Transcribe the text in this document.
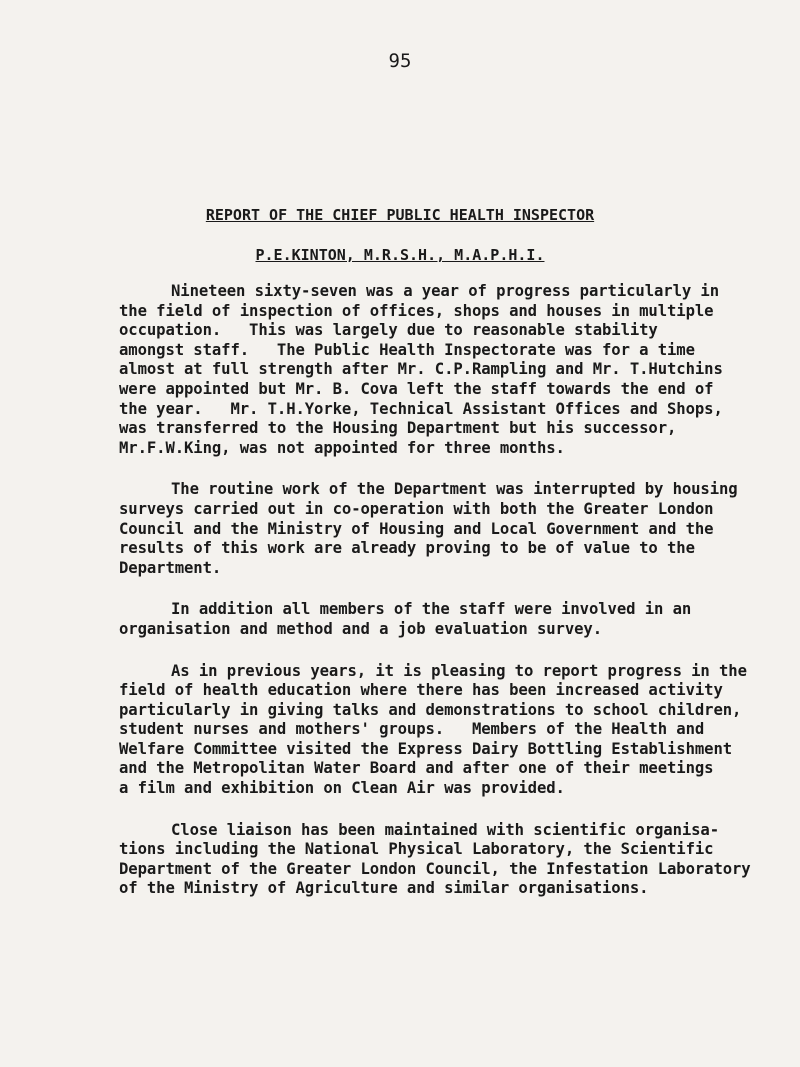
95
REPORT OF THE CHIEF PUBLIC HEALTH INSPECTOR
P.E.KINTON, M.R.S.H., M.A.P.H.I.
Nineteen sixty-seven was a year of progress particularly in
the field of inspection of offices, shops and houses in multiple
occupation.   This was largely due to reasonable stability
amongst staff.   The Public Health Inspectorate was for a time
almost at full strength after Mr. C.P.Rampling and Mr. T.Hutchins
were appointed but Mr. B. Cova left the staff towards the end of
the year.   Mr. T.H.Yorke, Technical Assistant Offices and Shops,
was transferred to the Housing Department but his successor,
Mr.F.W.King, was not appointed for three months.
The routine work of the Department was interrupted by housing
surveys carried out in co-operation with both the Greater London
Council and the Ministry of Housing and Local Government and the
results of this work are already proving to be of value to the
Department.
In addition all members of the staff were involved in an
organisation and method and a job evaluation survey.
As in previous years, it is pleasing to report progress in the
field of health education where there has been increased activity
particularly in giving talks and demonstrations to school children,
student nurses and mothers' groups.   Members of the Health and
Welfare Committee visited the Express Dairy Bottling Establishment
and the Metropolitan Water Board and after one of their meetings
a film and exhibition on Clean Air was provided.
Close liaison has been maintained with scientific organisa-
tions including the National Physical Laboratory, the Scientific
Department of the Greater London Council, the Infestation Laboratory
of the Ministry of Agriculture and similar organisations.
